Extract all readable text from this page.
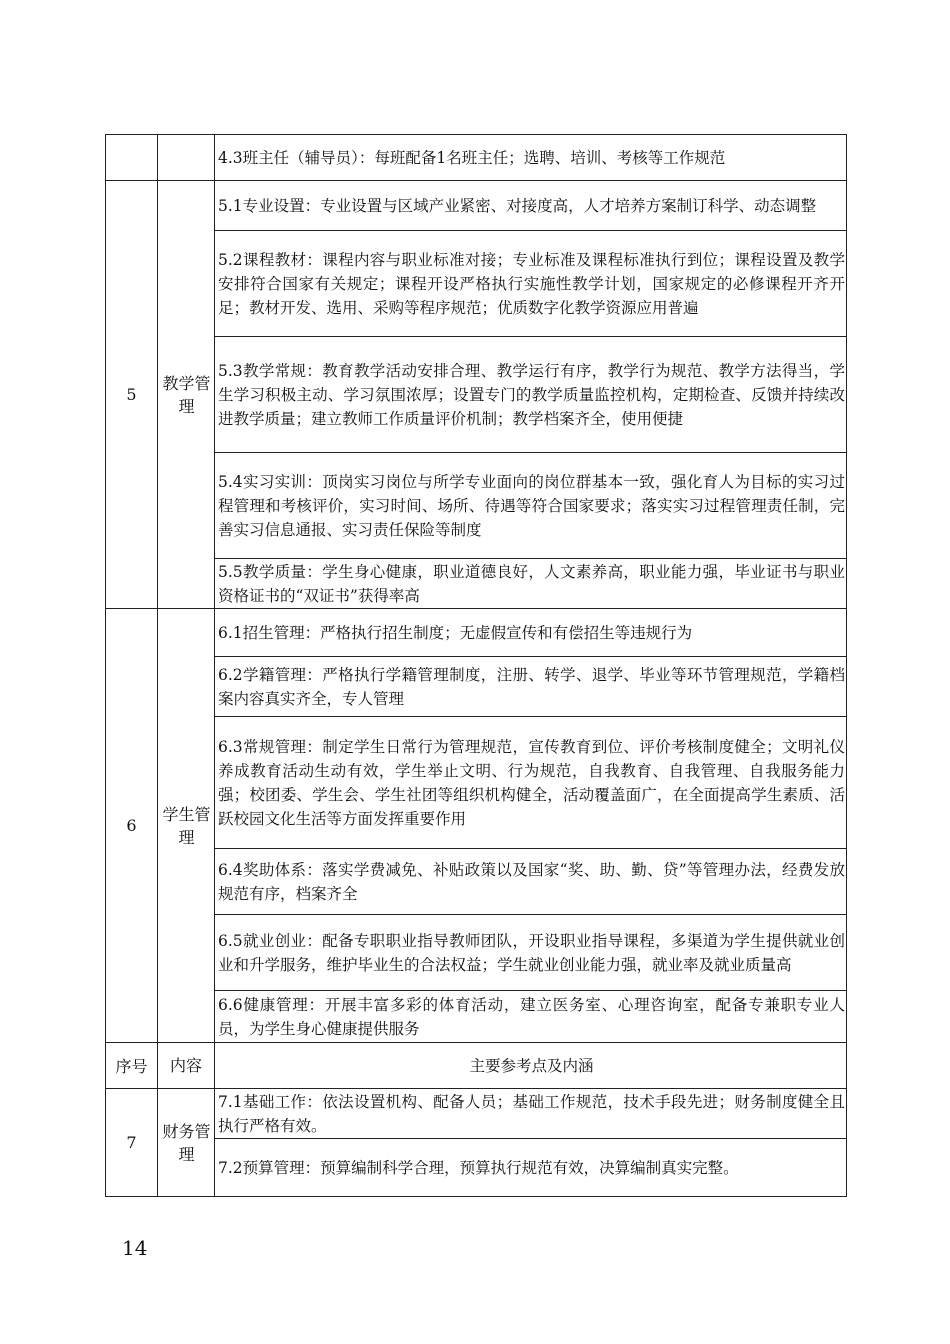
		4.3班主任（辅导员）：每班配备1名班主任；选聘、培训、考核等工作规范
5	教学管理	5.1专业设置：专业设置与区域产业紧密、对接度高，人才培养方案制订科学、动态调整
		5.2课程教材：课程内容与职业标准对接；专业标准及课程标准执行到位；课程设置及教学安排符合国家有关规定；课程开设严格执行实施性教学计划，国家规定的必修课程开齐开足；教材开发、选用、采购等程序规范；优质数字化教学资源应用普遍
		5.3教学常规：教育教学活动安排合理、教学运行有序，教学行为规范、教学方法得当，学生学习积极主动、学习氛围浓厚；设置专门的教学质量监控机构，定期检查、反馈并持续改进教学质量；建立教师工作质量评价机制；教学档案齐全，使用便捷
		5.4实习实训：顶岗实习岗位与所学专业面向的岗位群基本一致，强化育人为目标的实习过程管理和考核评价，实习时间、场所、待遇等符合国家要求；落实实习过程管理责任制，完善实习信息通报、实习责任保险等制度
		5.5教学质量：学生身心健康，职业道德良好，人文素养高，职业能力强，毕业证书与职业资格证书的“双证书”获得率高
6	学生管理	6.1招生管理：严格执行招生制度；无虚假宣传和有偿招生等违规行为
		6.2学籍管理：严格执行学籍管理制度，注册、转学、退学、毕业等环节管理规范，学籍档案内容真实齐全，专人管理
		6.3常规管理：制定学生日常行为管理规范，宣传教育到位、评价考核制度健全；文明礼仪养成教育活动生动有效，学生举止文明、行为规范，自我教育、自我管理、自我服务能力强；校团委、学生会、学生社团等组织机构健全，活动覆盖面广，在全面提高学生素质、活跃校园文化生活等方面发挥重要作用
		6.4奖助体系：落实学费减免、补贴政策以及国家“奖、助、勤、贷”等管理办法，经费发放规范有序，档案齐全
		6.5就业创业：配备专职职业指导教师团队，开设职业指导课程，多渠道为学生提供就业创业和升学服务，维护毕业生的合法权益；学生就业创业能力强，就业率及就业质量高
		6.6健康管理：开展丰富多彩的体育活动，建立医务室、心理咨询室，配备专兼职专业人员，为学生身心健康提供服务
序号	内容	主要参考点及内涵
7	财务管理	7.1基础工作：依法设置机构、配备人员；基础工作规范，技术手段先进；财务制度健全且执行严格有效。
		7.2预算管理：预算编制科学合理，预算执行规范有效，决算编制真实完整。
14
